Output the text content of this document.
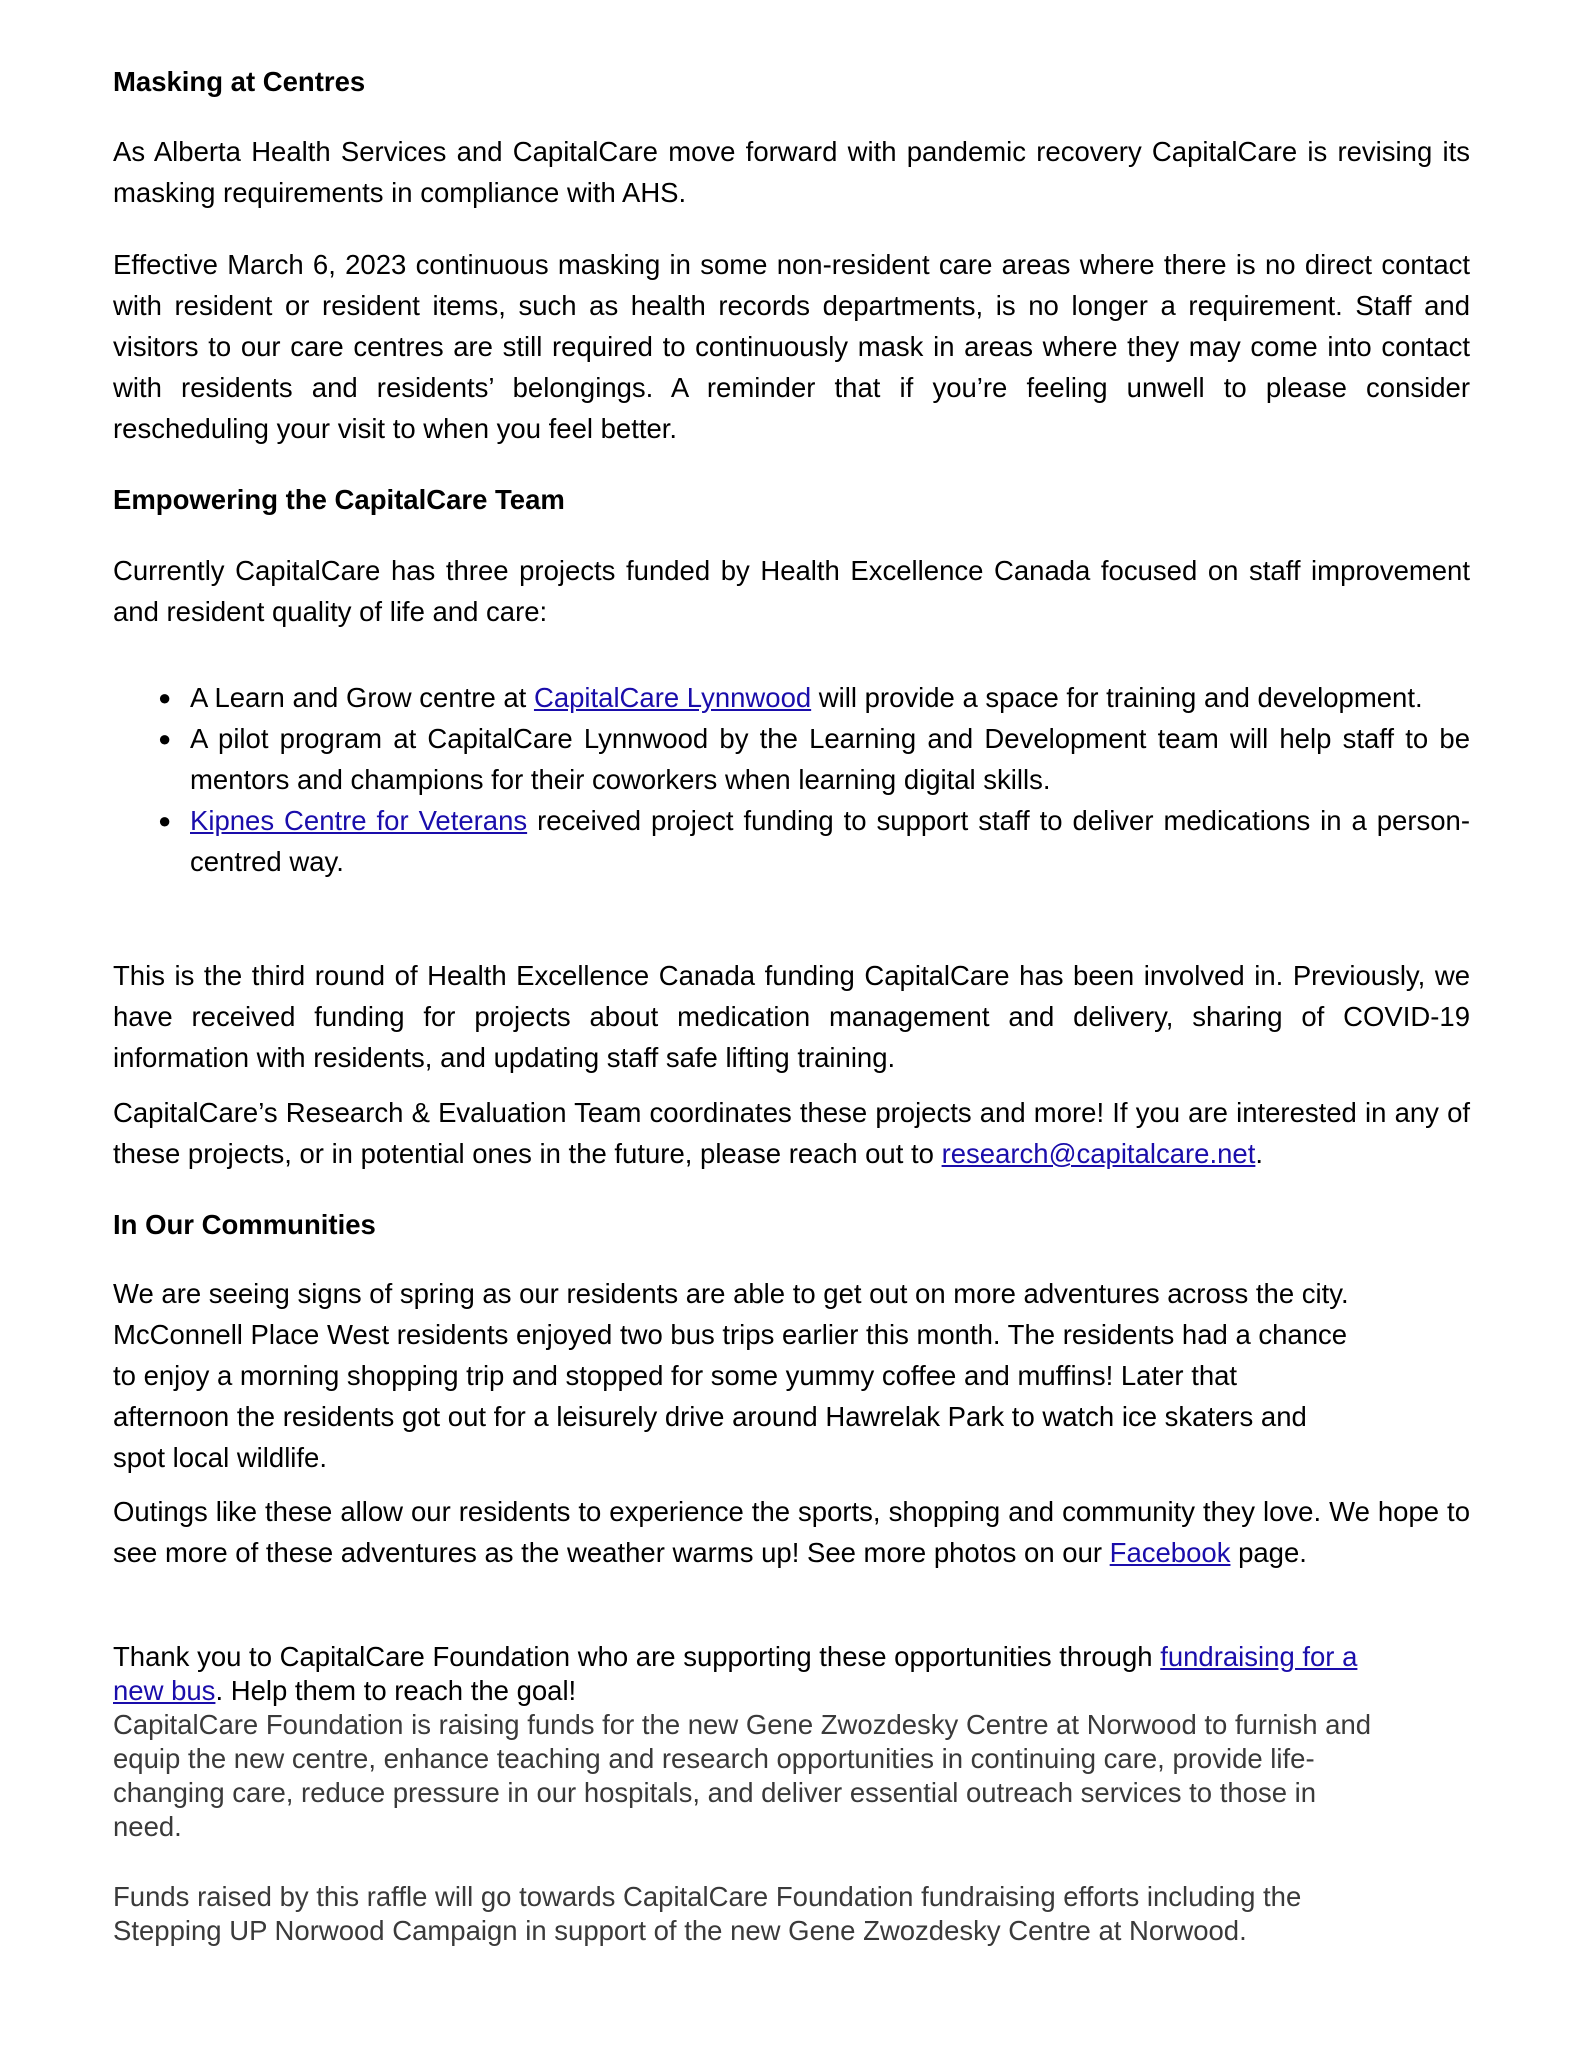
Masking at Centres

As Alberta Health Services and CapitalCare move forward with pandemic recovery CapitalCare is revising its masking requirements in compliance with AHS.

Effective March 6, 2023 continuous masking in some non-resident care areas where there is no direct contact with resident or resident items, such as health records departments, is no longer a requirement. Staff and visitors to our care centres are still required to continuously mask in areas where they may come into contact with residents and residents’ belongings. A reminder that if you’re feeling unwell to please consider rescheduling your visit to when you feel better.

Empowering the CapitalCare Team

Currently CapitalCare has three projects funded by Health Excellence Canada focused on staff improvement and resident quality of life and care:

● A Learn and Grow centre at CapitalCare Lynnwood will provide a space for training and development.
● A pilot program at CapitalCare Lynnwood by the Learning and Development team will help staff to be mentors and champions for their coworkers when learning digital skills.
● Kipnes Centre for Veterans received project funding to support staff to deliver medications in a person-centred way.

This is the third round of Health Excellence Canada funding CapitalCare has been involved in. Previously, we have received funding for projects about medication management and delivery, sharing of COVID-19 information with residents, and updating staff safe lifting training.

CapitalCare’s Research & Evaluation Team coordinates these projects and more! If you are interested in any of these projects, or in potential ones in the future, please reach out to research@capitalcare.net.

In Our Communities

We are seeing signs of spring as our residents are able to get out on more adventures across the city.
McConnell Place West residents enjoyed two bus trips earlier this month. The residents had a chance
to enjoy a morning shopping trip and stopped for some yummy coffee and muffins! Later that
afternoon the residents got out for a leisurely drive around Hawrelak Park to watch ice skaters and
spot local wildlife.

Outings like these allow our residents to experience the sports, shopping and community they love. We hope to see more of these adventures as the weather warms up! See more photos on our Facebook page.

Thank you to CapitalCare Foundation who are supporting these opportunities through fundraising for a
new bus. Help them to reach the goal!

CapitalCare Foundation is raising funds for the new Gene Zwozdesky Centre at Norwood to furnish and
equip the new centre, enhance teaching and research opportunities in continuing care, provide life-
changing care, reduce pressure in our hospitals, and deliver essential outreach services to those in
need.

Funds raised by this raffle will go towards CapitalCare Foundation fundraising efforts including the
Stepping UP Norwood Campaign in support of the new Gene Zwozdesky Centre at Norwood.
